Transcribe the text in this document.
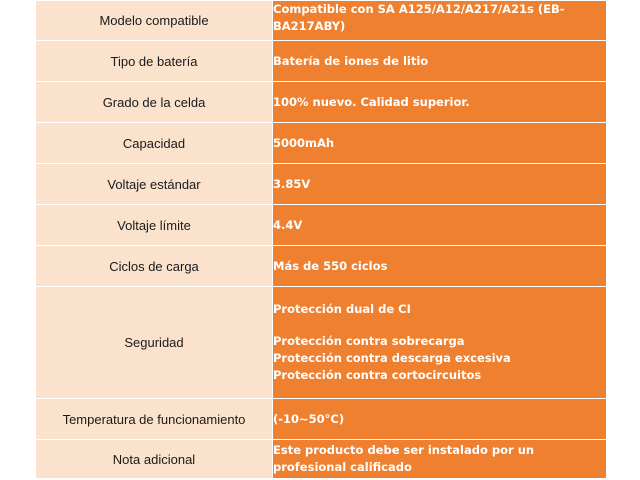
Modelo compatible	Compatible con SA A125/A12/A217/A21s (EB-
BA217ABY)

Tipo de batería	Batería de iones de litio

Grado de la celda	100% nuevo. Calidad superior.

Capacidad	5000mAh

Voltaje estándar	3.85V

Voltaje límite	4.4V

Ciclos de carga	Más de 550 ciclos

Seguridad	Protección dual de CI
Protección contra sobrecarga
Protección contra descarga excesiva
Protección contra cortocircuitos

Temperatura de funcionamiento	(-10~50°C)

Nota adicional	Este producto debe ser instalado por un
profesional calificado
